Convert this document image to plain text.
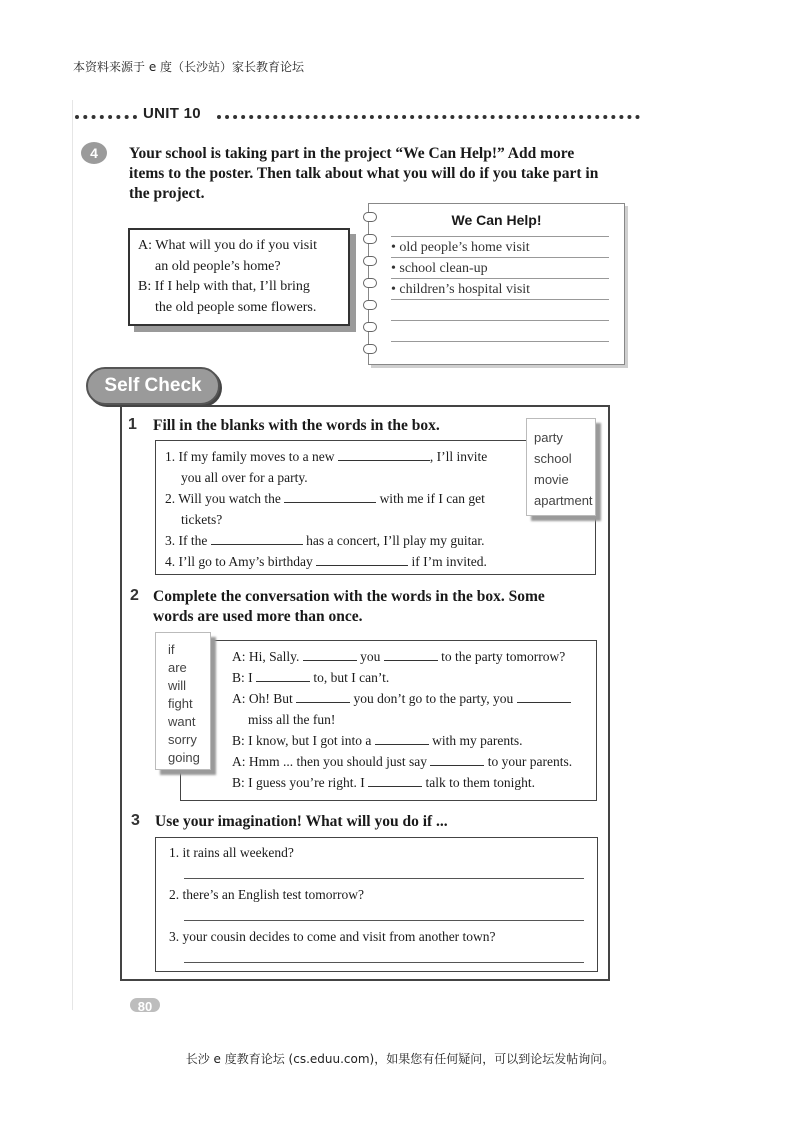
本资料来源于 e 度（长沙站）家长教育论坛
UNIT 10
4	Your school is taking part in the project “We Can Help!” Add more
items to the poster. Then talk about what you will do if you take part in
the project.
A: What will you do if you visit
an old people’s home?
B: If I help with that, I’ll bring
the old people some flowers.
We Can Help!
• old people’s home visit
• school clean-up
• children’s hospital visit
Self Check
1 Fill in the blanks with the words in the box.
1. If my family moves to a new	, I’ll invite
you all over for a party.
2. Will you watch the	with me if I can get
tickets?
3. If the	has a concert, I’ll play my guitar.
4. I’ll go to Amy’s birthday	if I’m invited.
party
school
movie
apartment
2 Complete the conversation with the words in the box. Some
words are used more than once.
A: Hi, Sally.	you	to the party tomorrow?
B: I	to, but I can’t.
A: Oh! But	you don’t go to the party, you
miss all the fun!
B: I know, but I got into a	with my parents.
A: Hmm ... then you should just say	to your parents.
B: I guess you’re right. I	talk to them tonight.
if
are
will
fight
want
sorry
going
3 Use your imagination! What will you do if ...
1. it rains all weekend?
2. there’s an English test tomorrow?
3. your cousin decides to come and visit from another town?
80
长沙 e 度教育论坛 (cs.eduu.com)，如果您有任何疑问，可以到论坛发帖询问。
